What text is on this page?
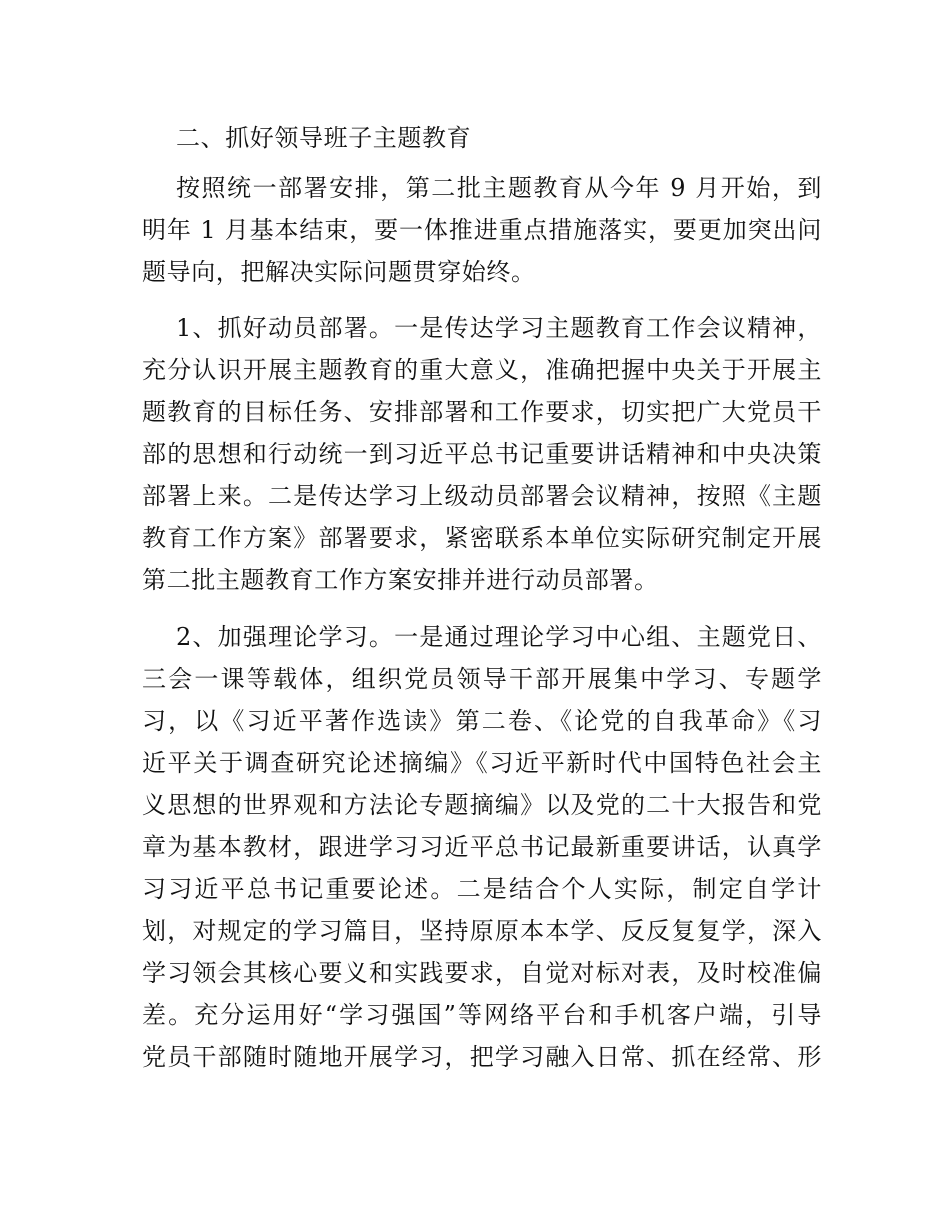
二、抓好领导班子主题教育
按照统一部署安排，第二批主题教育从今年 9 月开始，到
明年 1 月基本结束，要一体推进重点措施落实，要更加突出问
题导向，把解决实际问题贯穿始终。
1、抓好动员部署。一是传达学习主题教育工作会议精神，
充分认识开展主题教育的重大意义，准确把握中央关于开展主
题教育的目标任务、安排部署和工作要求，切实把广大党员干
部的思想和行动统一到习近平总书记重要讲话精神和中央决策
部署上来。二是传达学习上级动员部署会议精神，按照《主题
教育工作方案》部署要求，紧密联系本单位实际研究制定开展
第二批主题教育工作方案安排并进行动员部署。
2、加强理论学习。一是通过理论学习中心组、主题党日、
三会一课等载体，组织党员领导干部开展集中学习、专题学
习，以《习近平著作选读》第二卷、《论党的自我革命》《习
近平关于调查研究论述摘编》《习近平新时代中国特色社会主
义思想的世界观和方法论专题摘编》以及党的二十大报告和党
章为基本教材，跟进学习习近平总书记最新重要讲话，认真学
习习近平总书记重要论述。二是结合个人实际，制定自学计
划，对规定的学习篇目，坚持原原本本学、反反复复学，深入
学习领会其核心要义和实践要求，自觉对标对表，及时校准偏
差。充分运用好“学习强国”等网络平台和手机客户端，引导
党员干部随时随地开展学习，把学习融入日常、抓在经常、形
